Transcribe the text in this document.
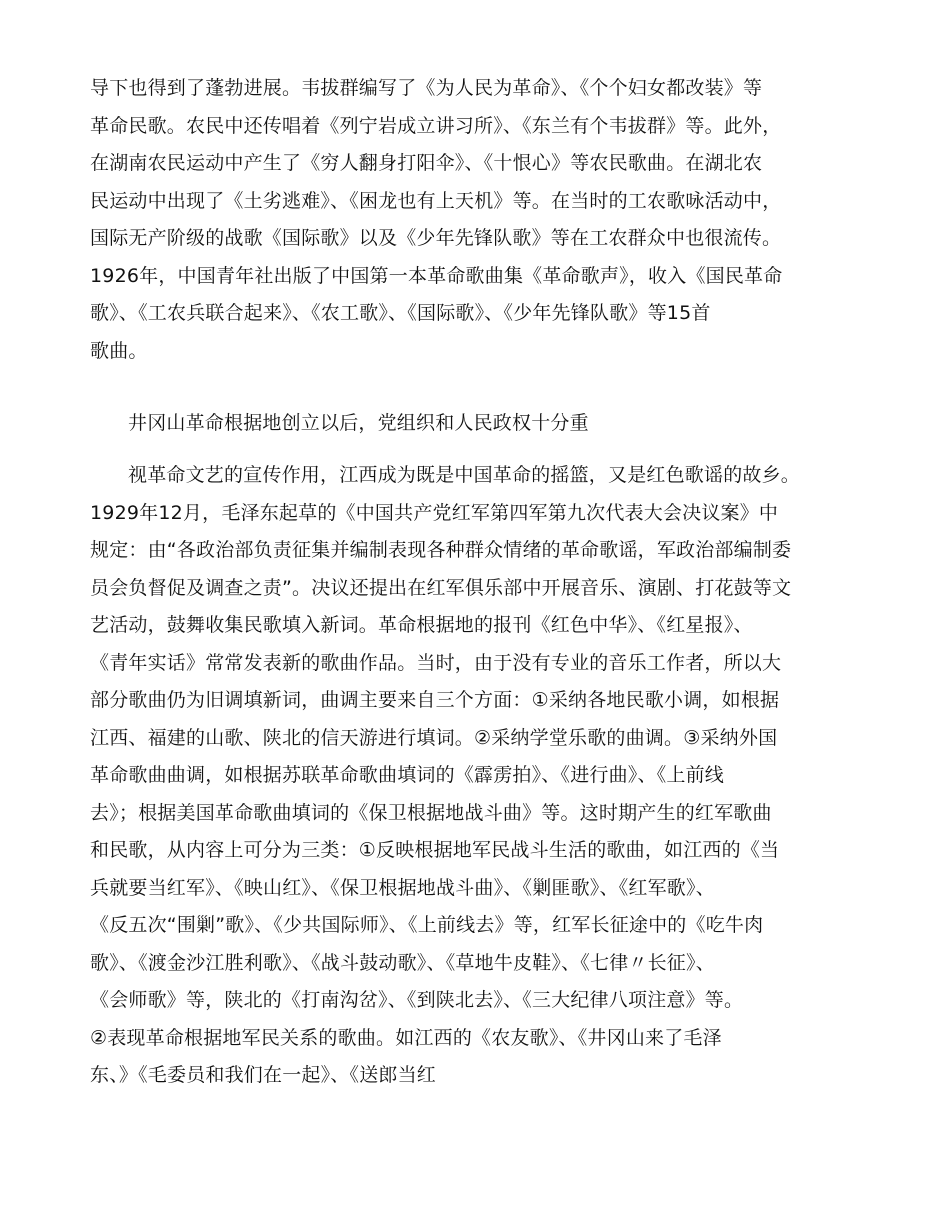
导下也得到了蓬勃进展。韦拔群编写了《为人民为革命》、《个个妇女都改装》等
革命民歌。农民中还传唱着《列宁岩成立讲习所》、《东兰有个韦拔群》等。此外，
在湖南农民运动中产生了《穷人翻身打阳伞》、《十恨心》等农民歌曲。在湖北农
民运动中出现了《土劣逃难》、《困龙也有上天机》等。在当时的工农歌咏活动中，
国际无产阶级的战歌《国际歌》以及《少年先锋队歌》等在工农群众中也很流传。
1926年，中国青年社出版了中国第一本革命歌曲集《革命歌声》，收入《国民革命
歌》、《工农兵联合起来》、《农工歌》、《国际歌》、《少年先锋队歌》等15首
歌曲。

井冈山革命根据地创立以后，党组织和人民政权十分重

视革命文艺的宣传作用，江西成为既是中国革命的摇篮，又是红色歌谣的故乡。
1929年12月，毛泽东起草的《中国共产党红军第四军第九次代表大会决议案》中
规定：由“各政治部负责征集并编制表现各种群众情绪的革命歌谣，军政治部编制委
员会负督促及调查之责”。决议还提出在红军俱乐部中开展音乐、演剧、打花鼓等文
艺活动，鼓舞收集民歌填入新词。革命根据地的报刊《红色中华》、《红星报》、
《青年实话》常常发表新的歌曲作品。当时，由于没有专业的音乐工作者，所以大
部分歌曲仍为旧调填新词，曲调主要来自三个方面：①采纳各地民歌小调，如根据
江西、福建的山歌、陕北的信天游进行填词。②采纳学堂乐歌的曲调。③采纳外国
革命歌曲曲调，如根据苏联革命歌曲填词的《霹雳拍》、《进行曲》、《上前线
去》；根据美国革命歌曲填词的《保卫根据地战斗曲》等。这时期产生的红军歌曲
和民歌，从内容上可分为三类：①反映根据地军民战斗生活的歌曲，如江西的《当
兵就要当红军》、《映山红》、《保卫根据地战斗曲》、《剿匪歌》、《红军歌》、
《反五次“围剿”歌》、《少共国际师》、《上前线去》等，红军长征途中的《吃牛肉
歌》、《渡金沙江胜利歌》、《战斗鼓动歌》、《草地牛皮鞋》、《七律〃长征》、
《会师歌》等，陕北的《打南沟岔》、《到陕北去》、《三大纪律八项注意》等。
②表现革命根据地军民关系的歌曲。如江西的《农友歌》、《井冈山来了毛泽
东、》《毛委员和我们在一起》、《送郎当红
